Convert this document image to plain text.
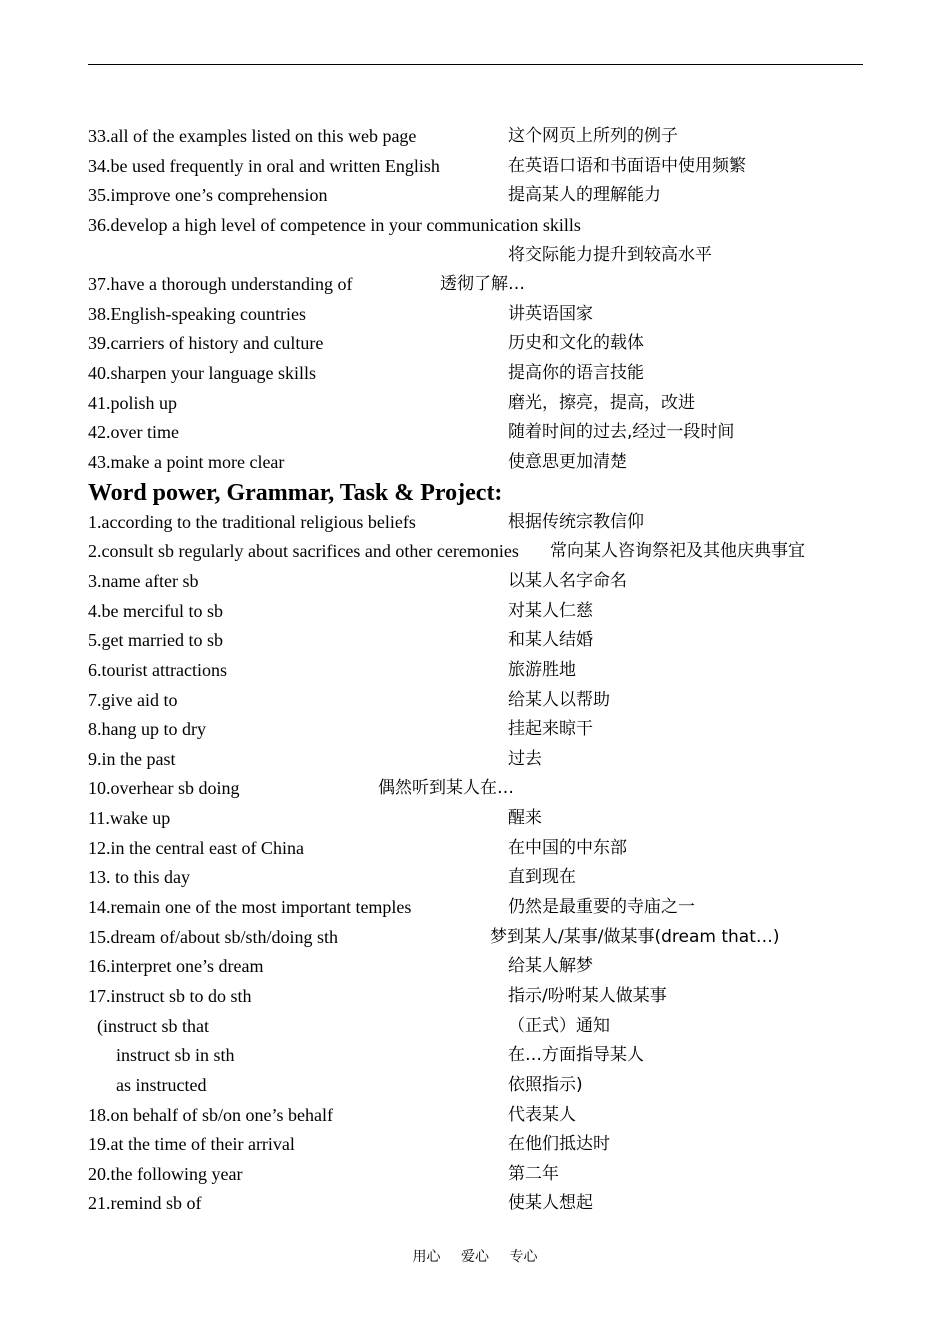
33.all of the examples listed on this web page	这个网页上所列的例子
34.be used frequently in oral and written English	在英语口语和书面语中使用频繁
35.improve one’s comprehension	提高某人的理解能力
36.develop a high level of competence in your communication skills
将交际能力提升到较高水平
37.have a thorough understanding of	透彻了解…
38.English-speaking countries	讲英语国家
39.carriers of history and culture	历史和文化的载体
40.sharpen your language skills	提高你的语言技能
41.polish up	磨光，擦亮，提高，改进
42.over time	随着时间的过去,经过一段时间
43.make a point more clear	使意思更加清楚
Word power, Grammar, Task & Project:
1.according to the traditional religious beliefs	根据传统宗教信仰
2.consult sb regularly about sacrifices and other ceremonies 常向某人咨询祭祀及其他庆典事宜
3.name after sb	以某人名字命名
4.be merciful to sb	对某人仁慈
5.get married to sb	和某人结婚
6.tourist attractions	旅游胜地
7.give aid to	给某人以帮助
8.hang up to dry	挂起来晾干
9.in the past	过去
10.overhear sb doing	偶然听到某人在…
11.wake up	醒来
12.in the central east of China	在中国的中东部
13. to this day	直到现在
14.remain one of the most important temples	仍然是最重要的寺庙之一
15.dream of/about sb/sth/doing sth	梦到某人/某事/做某事(dream that…)
16.interpret one’s dream	给某人解梦
17.instruct sb to do sth	指示/吩咐某人做某事
(instruct sb that	（正式）通知
instruct sb in sth	在…方面指导某人
as instructed	依照指示)
18.on behalf of sb/on one’s behalf	代表某人
19.at the time of their arrival	在他们抵达时
20.the following year	第二年
21.remind sb of	使某人想起
用心 爱心 专心
